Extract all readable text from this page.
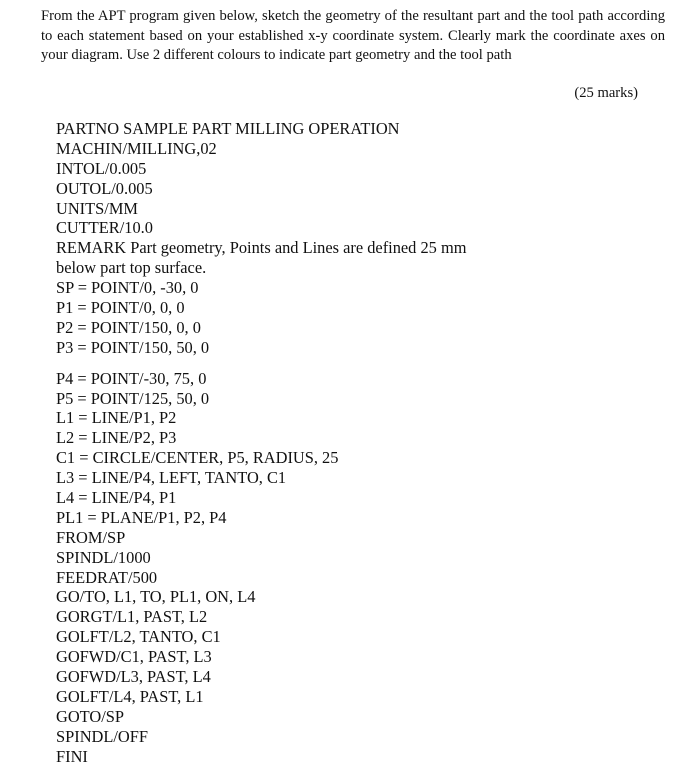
From the APT program given below, sketch the geometry of the resultant part and the tool path according to each statement based on your established x-y coordinate system. Clearly mark the coordinate axes on your diagram. Use 2 different colours to indicate part geometry and the tool path
(25 marks)
PARTNO SAMPLE PART MILLING OPERATION
MACHIN/MILLING,02
INTOL/0.005
OUTOL/0.005
UNITS/MM
CUTTER/10.0
REMARK Part geometry, Points and Lines are defined 25 mm
below part top surface.
SP = POINT/0, -30, 0
P1 = POINT/0, 0, 0
P2 = POINT/150, 0, 0
P3 = POINT/150, 50, 0
P4 = POINT/-30, 75, 0
P5 = POINT/125, 50, 0
L1 = LINE/P1, P2
L2 = LINE/P2, P3
C1 = CIRCLE/CENTER, P5, RADIUS, 25
L3 = LINE/P4, LEFT, TANTO, C1
L4 = LINE/P4, P1
PL1 = PLANE/P1, P2, P4
FROM/SP
SPINDL/1000
FEEDRAT/500
GO/TO, L1, TO, PL1, ON, L4
GORGT/L1, PAST, L2
GOLFT/L2, TANTO, C1
GOFWD/C1, PAST, L3
GOFWD/L3, PAST, L4
GOLFT/L4, PAST, L1
GOTO/SP
SPINDL/OFF
FINI
